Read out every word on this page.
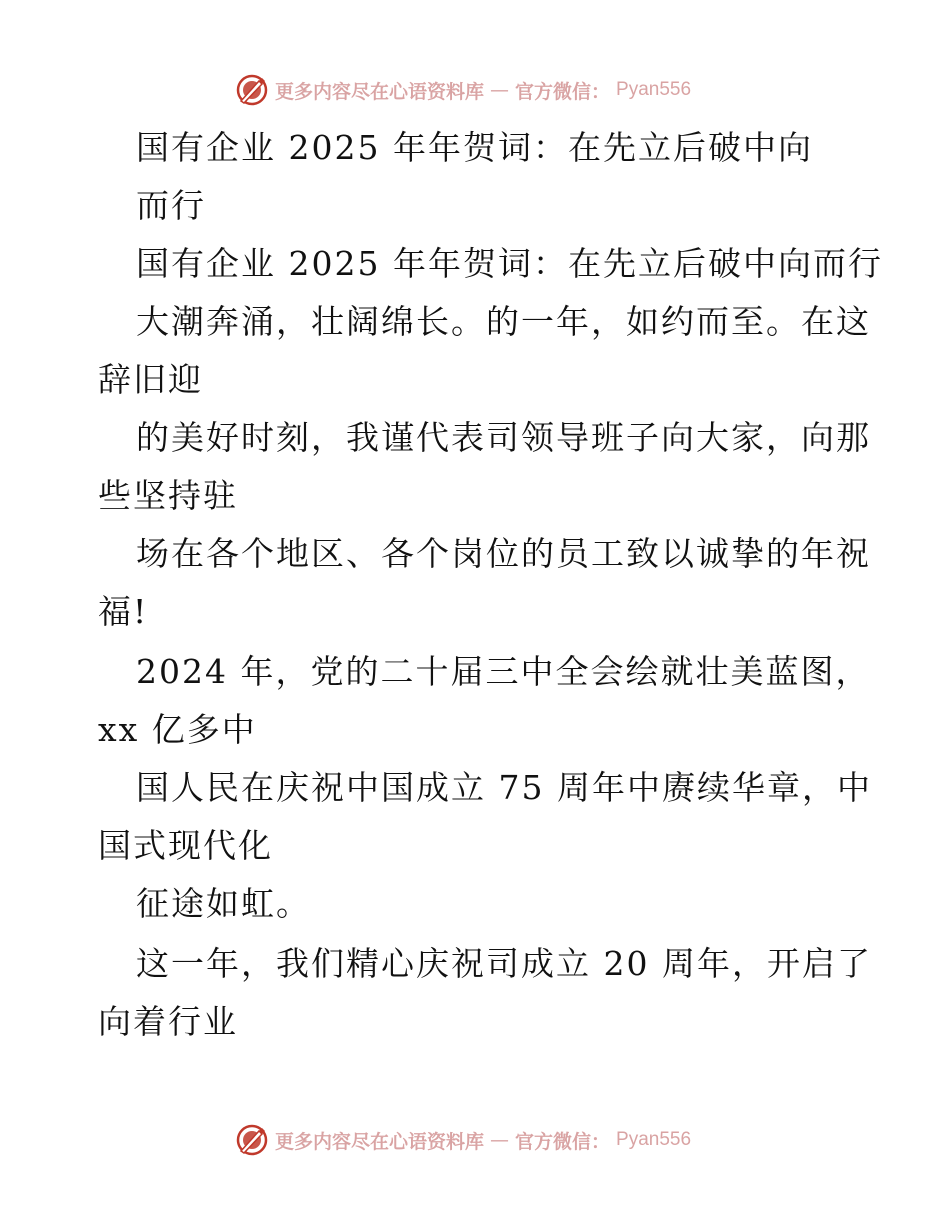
更多内容尽在心语资料库 — 官方微信： Pyan556
国有企业 2025 年年贺词：在先立后破中向
而行
国有企业 2025 年年贺词：在先立后破中向而行
大潮奔涌，壮阔绵长。的一年，如约而至。在这
辞旧迎
的美好时刻，我谨代表司领导班子向大家，向那
些坚持驻
场在各个地区、各个岗位的员工致以诚挚的年祝
福!
2024 年，党的二十届三中全会绘就壮美蓝图，
xx 亿多中
国人民在庆祝中国成立 75 周年中赓续华章，中
国式现代化
征途如虹。
这一年，我们精心庆祝司成立 20 周年，开启了
向着行业
更多内容尽在心语资料库 — 官方微信： Pyan556
